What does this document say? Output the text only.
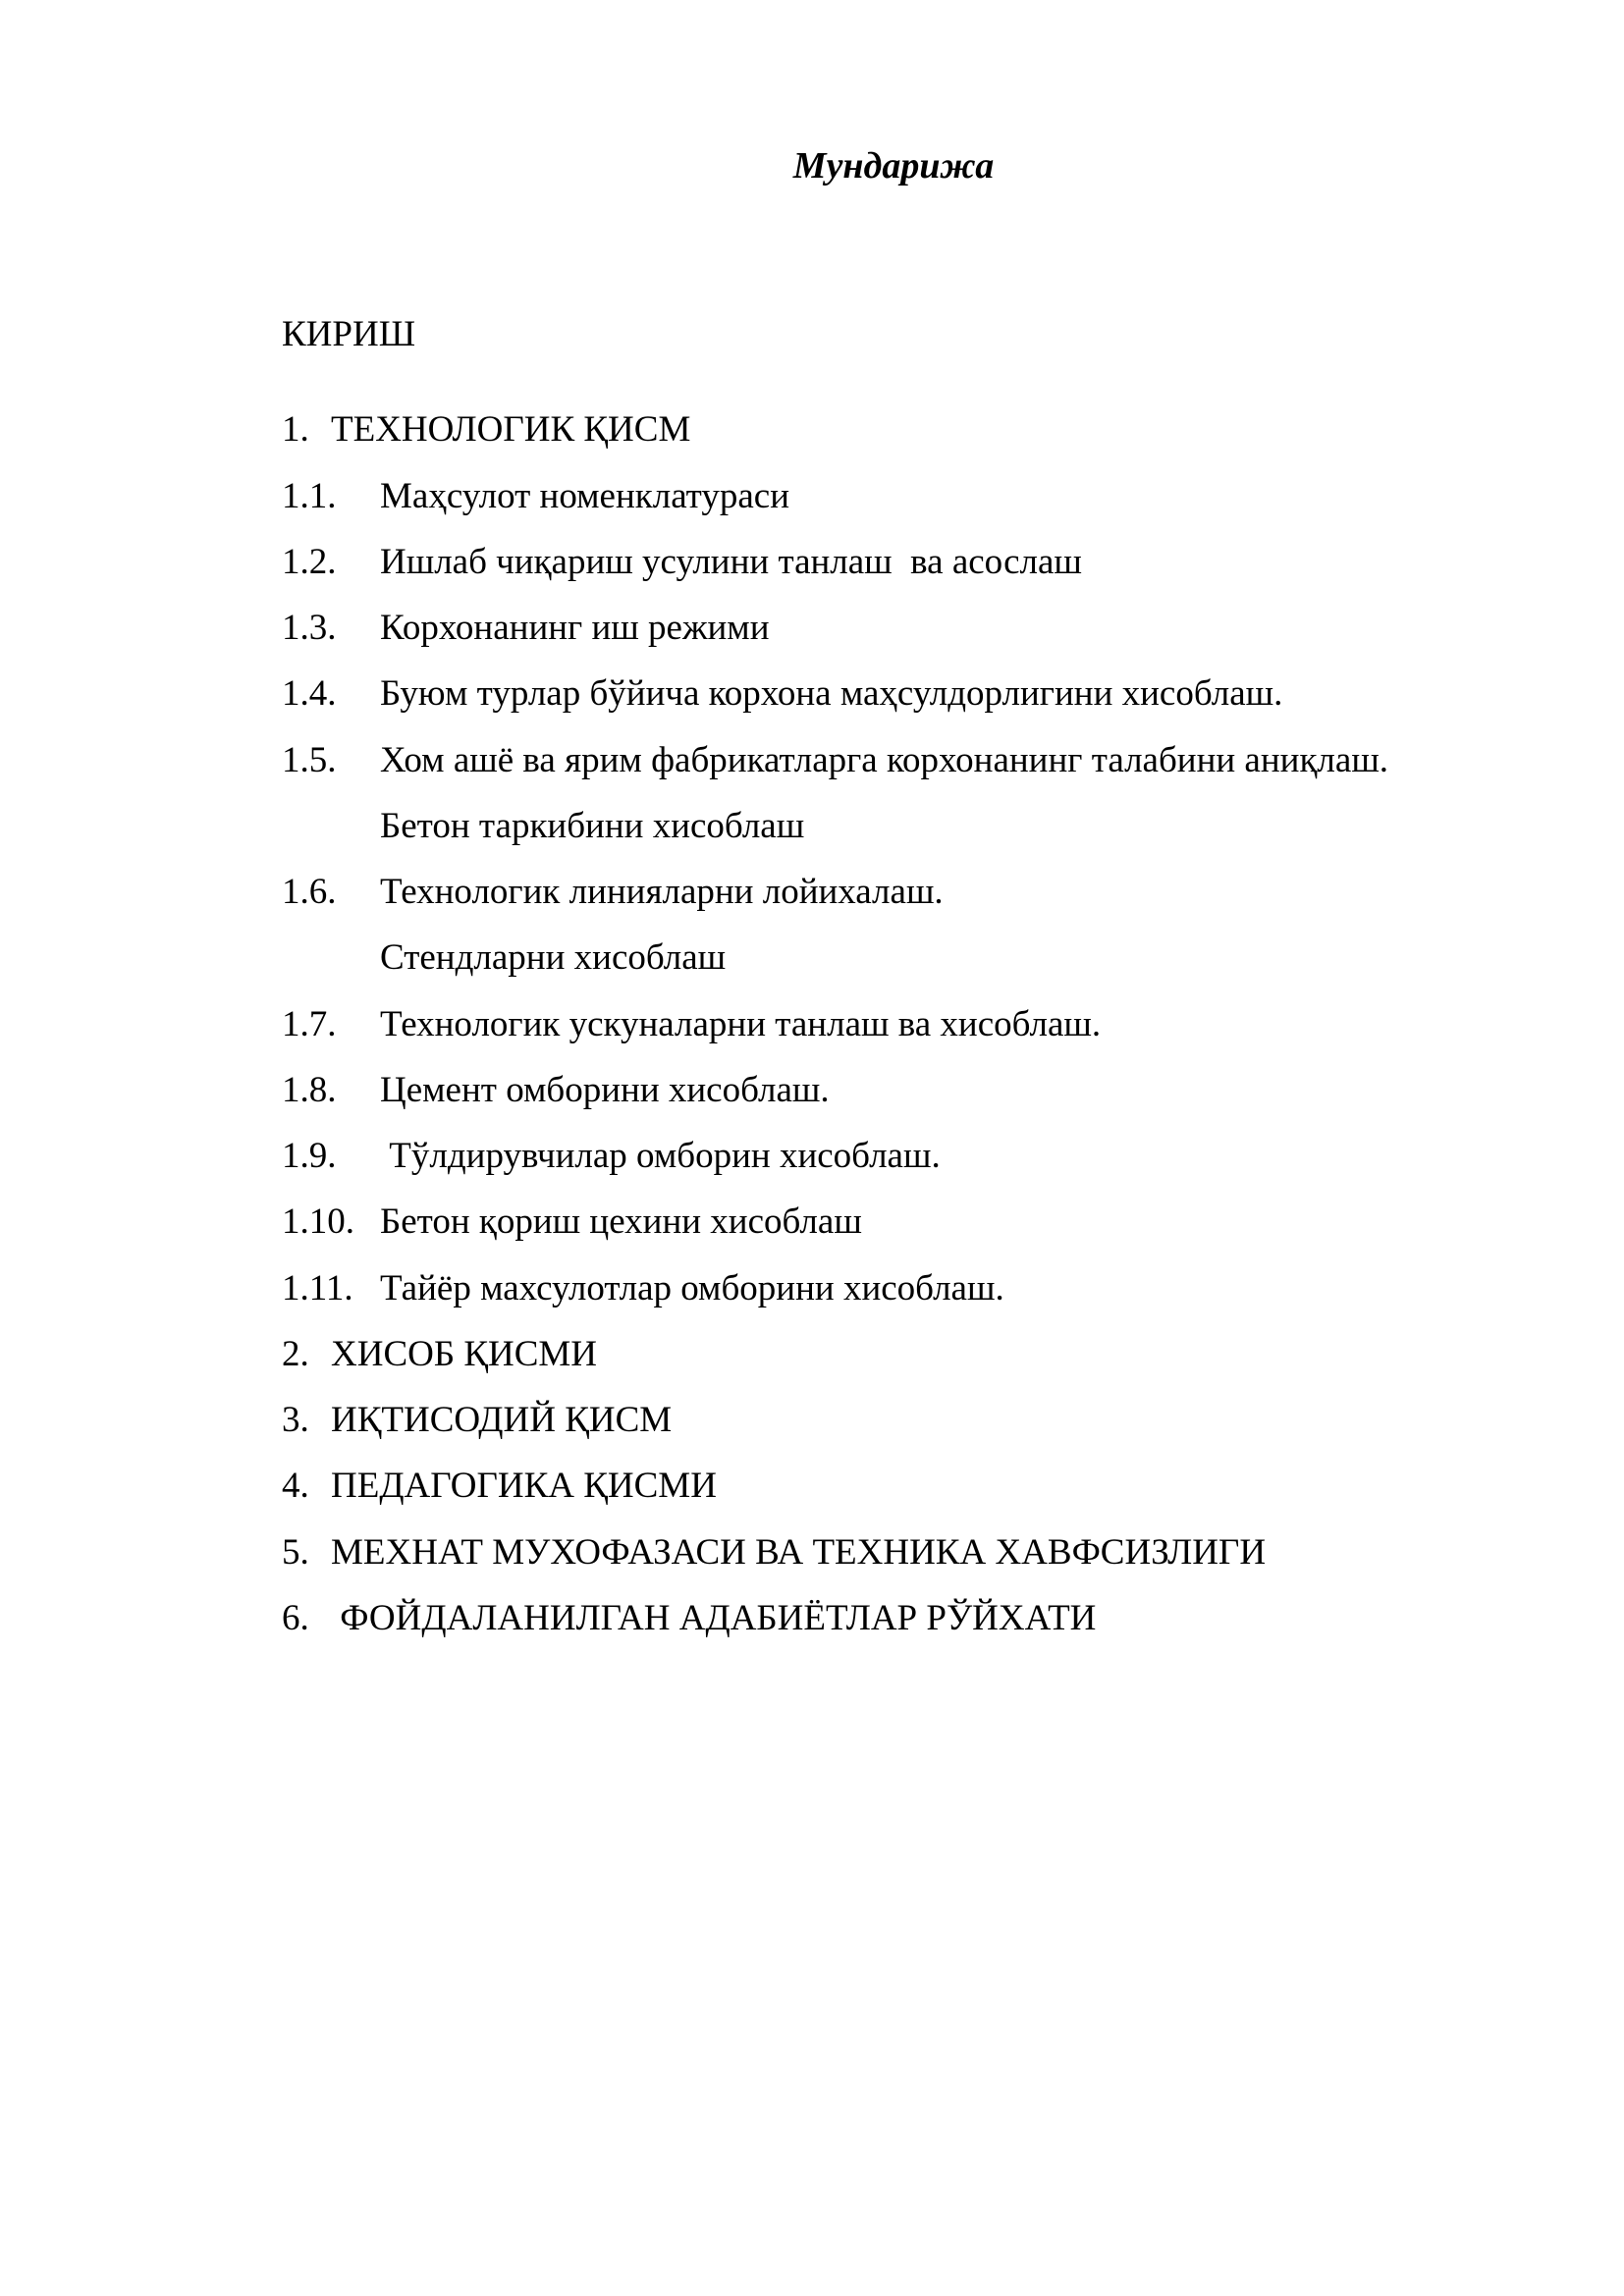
Мундарижа
КИРИШ
1. ТЕХНОЛОГИК ҚИСМ
1.1. Маҳсулот номенклатураси
1.2. Ишлаб чиқариш усулини танлаш  ва асослаш
1.3. Корхонанинг иш режими
1.4. Буюм турлар бўйича корхона маҳсулдорлигини хисоблаш.
1.5. Хом ашё ва ярим фабрикатларга корхонанинг талабини аниқлаш.
Бетон таркибини хисоблаш
1.6. Технологик линияларни лойихалаш.
Стендларни хисоблаш
1.7. Технологик ускуналарни танлаш ва хисоблаш.
1.8. Цемент омборини хисоблаш.
1.9. Тўлдирувчилар омборин хисоблаш.
1.10. Бетон қориш цехини хисоблаш
1.11. Тайёр махсулотлар омборини хисоблаш.
2. ХИСОБ ҚИСМИ
3. ИҚТИСОДИЙ ҚИСМ
4. ПЕДАГОГИКА ҚИСМИ
5. МЕХНАТ МУХОФАЗАСИ ВА ТЕХНИКА ХАВФСИЗЛИГИ
6. ФОЙДАЛАНИЛГАН АДАБИЁТЛАР РЎЙХАТИ
